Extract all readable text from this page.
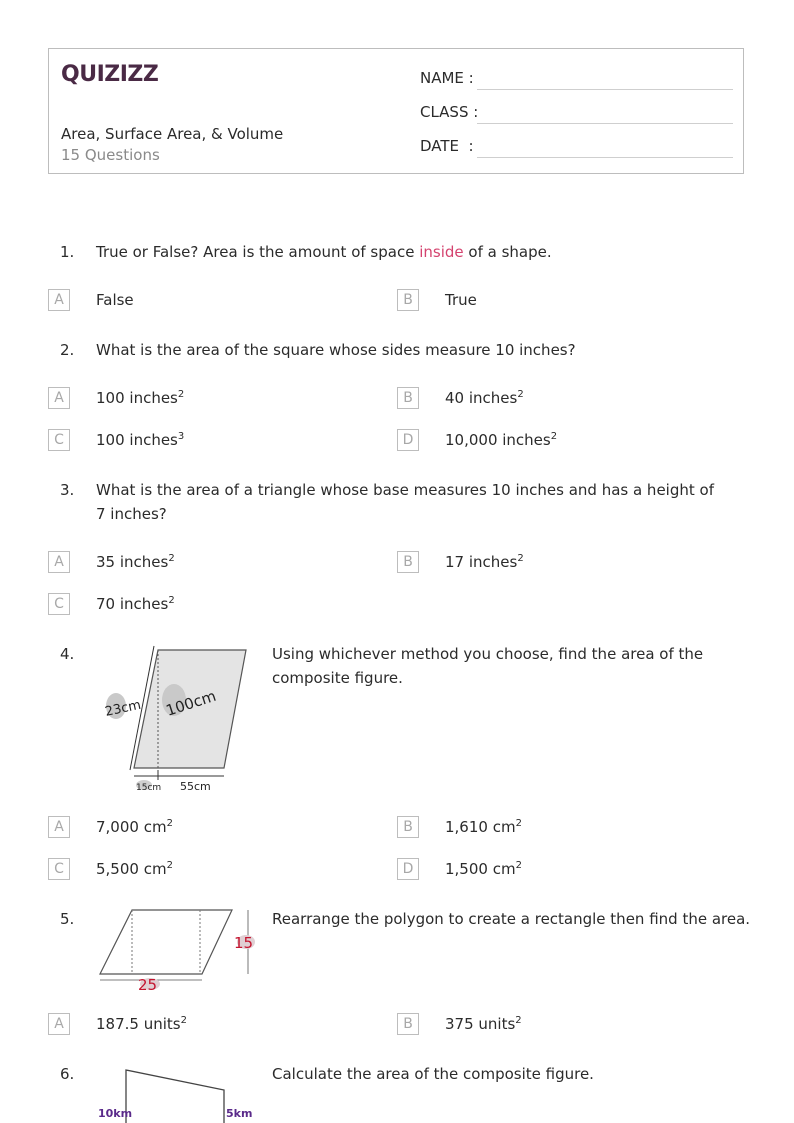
QUIZIZZ
Area, Surface Area, & Volume
15 Questions
NAME :
CLASS :
DATE  :
1. True or False? Area is the amount of space inside of a shape.
A	False	B	True
2. What is the area of the square whose sides measure 10 inches?
A	100 inches$^2$	B	40 inches$^2$
C	100 inches$^3$	D	10,000 inches$^2$
3. What is the area of a triangle whose base measures 10 inches and has a height of 7 inches?
A	35 inches$^2$	B	17 inches$^2$
C	70 inches$^2$
4.	Using whichever method you choose, find the area of the composite figure.
23cm 100cm
15cm 55cm
A	7,000 $cm^2$	B	1,610 $cm^2$
C	5,500 $cm^2$	D	1,500 $cm^2$
5.	Rearrange the polygon to create a rectangle then find the area.
15
25
A	187.5 units$^2$	B	375 units$^2$
6.	Calculate the area of the composite figure.
10km	5km
